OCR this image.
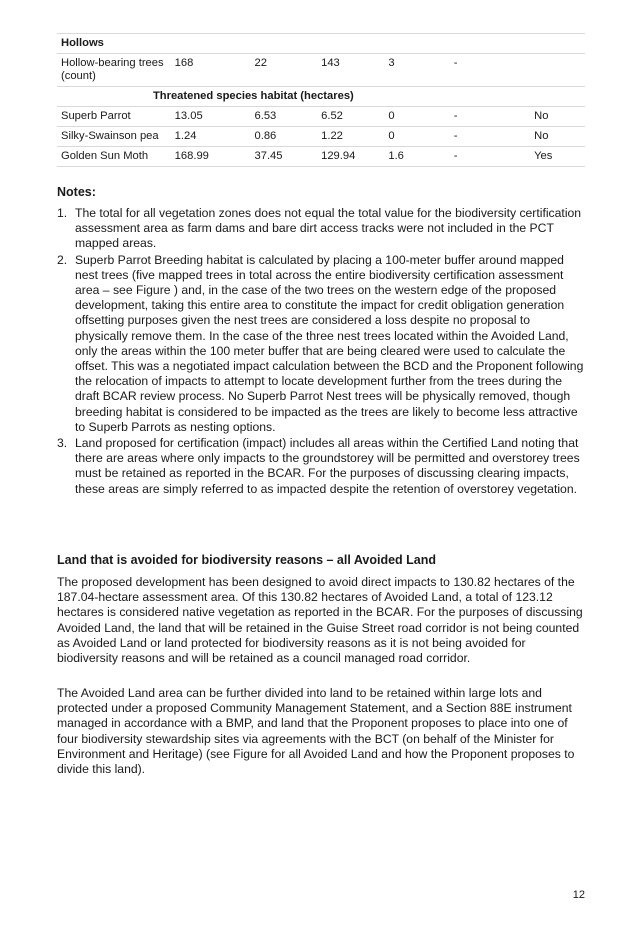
Hollows						
Hollow-bearing trees (count)	168	22	143	3	-	
Threatened species habitat (hectares)						
Superb Parrot	13.05	6.53	6.52	0	-	No
Silky-Swainson pea	1.24	0.86	1.22	0	-	No
Golden Sun Moth	168.99	37.45	129.94	1.6	-	Yes
Notes:
1. The total for all vegetation zones does not equal the total value for the biodiversity certification assessment area as farm dams and bare dirt access tracks were not included in the PCT mapped areas.
2. Superb Parrot Breeding habitat is calculated by placing a 100-meter buffer around mapped nest trees (five mapped trees in total across the entire biodiversity certification assessment area – see Figure ) and, in the case of the two trees on the western edge of the proposed development, taking this entire area to constitute the impact for credit obligation generation offsetting purposes given the nest trees are considered a loss despite no proposal to physically remove them. In the case of the three nest trees located within the Avoided Land, only the areas within the 100 meter buffer that are being cleared were used to calculate the offset. This was a negotiated impact calculation between the BCD and the Proponent following the relocation of impacts to attempt to locate development further from the trees during the draft BCAR review process. No Superb Parrot Nest trees will be physically removed, though breeding habitat is considered to be impacted as the trees are likely to become less attractive to Superb Parrots as nesting options.
3. Land proposed for certification (impact) includes all areas within the Certified Land noting that there are areas where only impacts to the groundstorey will be permitted and overstorey trees must be retained as reported in the BCAR. For the purposes of discussing clearing impacts, these areas are simply referred to as impacted despite the retention of overstorey vegetation.
Land that is avoided for biodiversity reasons – all Avoided Land

The proposed development has been designed to avoid direct impacts to 130.82 hectares of the 187.04-hectare assessment area. Of this 130.82 hectares of Avoided Land, a total of 123.12 hectares is considered native vegetation as reported in the BCAR. For the purposes of discussing Avoided Land, the land that will be retained in the Guise Street road corridor is not being counted as Avoided Land or land protected for biodiversity reasons as it is not being avoided for biodiversity reasons and will be retained as a council managed road corridor.

The Avoided Land area can be further divided into land to be retained within large lots and protected under a proposed Community Management Statement, and a Section 88E instrument managed in accordance with a BMP, and land that the Proponent proposes to place into one of four biodiversity stewardship sites via agreements with the BCT (on behalf of the Minister for Environment and Heritage) (see Figure for all Avoided Land and how the Proponent proposes to divide this land).

12
